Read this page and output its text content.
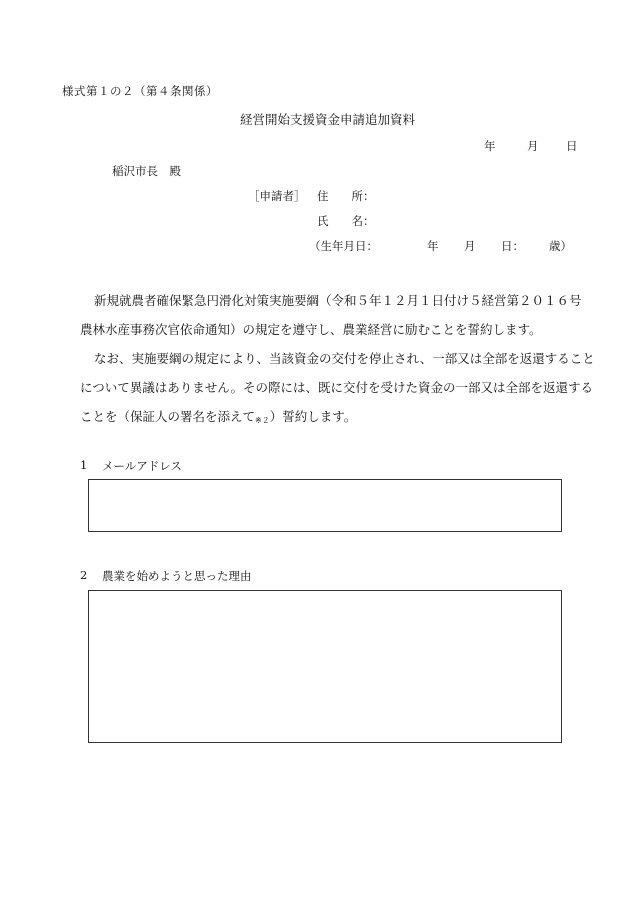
様式第１の２（第４条関係）
経営開始支援資金申請追加資料
年	月 日
稲沢市長　殿
［申請者］ 住　　所：
氏　　名：
（生年月日：	年 月 日： 歳）
新規就農者確保緊急円滑化対策実施要綱（令和５年１２月１日付け５経営第２０１６号
農林水産事務次官依命通知）の規定を遵守し、農業経営に励むことを誓約します。
なお、実施要綱の規定により、当該資金の交付を停止され、一部又は全部を返還すること
について異議はありません。その際には、既に交付を受けた資金の一部又は全部を返還する
ことを（保証人の署名を添えて$_{※2}$）誓約します。
1 メールアドレス
2 農業を始めようと思った理由
